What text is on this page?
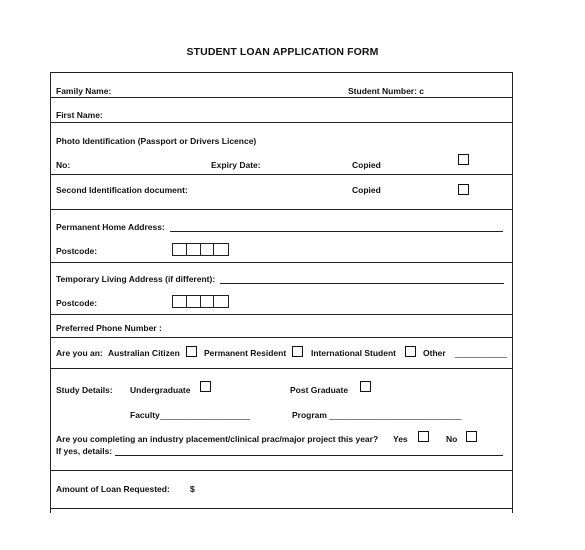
STUDENT LOAN APPLICATION FORM
Family Name:	Student Number: c
First Name:
Photo Identification (Passport or Drivers Licence)
No:	Expiry Date:	Copied
Second Identification document:	Copied
Permanent Home Address:
Postcode:
Temporary Living Address (if different):
Postcode:
Preferred Phone Number :
Are you an: Australian Citizen	Permanent Resident	International Student	Other ___________
Study Details: Undergraduate	Post Graduate
Faculty ___________________	Program ____________________________
Are you completing an industry placement/clinical prac/major project this year? Yes	No
If yes, details:
Amount of Loan Requested: $
